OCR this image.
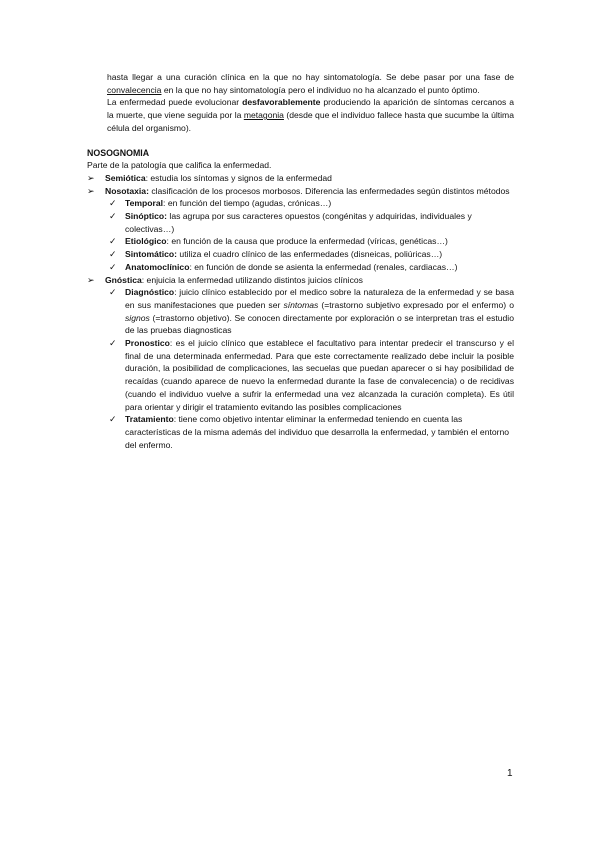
hasta llegar a una curación clínica en la que no hay sintomatología. Se debe pasar por una fase de convalecencia en la que no hay sintomatología pero el individuo no ha alcanzado el punto óptimo.

La enfermedad puede evolucionar desfavorablemente produciendo la aparición de síntomas cercanos a la muerte, que viene seguida por la metagonia (desde que el individuo fallece hasta que sucumbe la última célula del organismo).

NOSOGNOMIA

Parte de la patología que califica la enfermedad.

➢ Semiótica: estudia los síntomas y signos de la enfermedad

➢ Nosotaxia: clasificación de los procesos morbosos. Diferencia las enfermedades según distintos métodos

✓ Temporal: en función del tiempo (agudas, crónicas…)

✓ Sinóptico: las agrupa por sus caracteres opuestos (congénitas y adquiridas, individuales y colectivas…)

✓ Etiológico: en función de la causa que produce la enfermedad (víricas, genéticas…)

✓ Sintomático: utiliza el cuadro clínico de las enfermedades (disneicas, poliúricas…)

✓ Anatomoclínico: en función de donde se asienta la enfermedad (renales, cardiacas…)

➢ Gnóstica: enjuicia la enfermedad utilizando distintos juicios clínicos

✓ Diagnóstico: juicio clínico establecido por el medico sobre la naturaleza de la enfermedad y se basa en sus manifestaciones que pueden ser síntomas (=trastorno subjetivo expresado por el enfermo) o signos (=trastorno objetivo). Se conocen directamente por exploración o se interpretan tras el estudio de las pruebas diagnosticas

✓ Pronostico: es el juicio clínico que establece el facultativo para intentar predecir el transcurso y el final de una determinada enfermedad. Para que este correctamente realizado debe incluir la posible duración, la posibilidad de complicaciones, las secuelas que puedan aparecer o si hay posibilidad de recaídas (cuando aparece de nuevo la enfermedad durante la fase de convalecencia) o de recidivas (cuando el individuo vuelve a sufrir la enfermedad una vez alcanzada la curación completa). Es útil para orientar y dirigir el tratamiento evitando las posibles complicaciones

✓ Tratamiento: tiene como objetivo intentar eliminar la enfermedad teniendo en cuenta las características de la misma además del individuo que desarrolla la enfermedad, y también el entorno del enfermo.

1
